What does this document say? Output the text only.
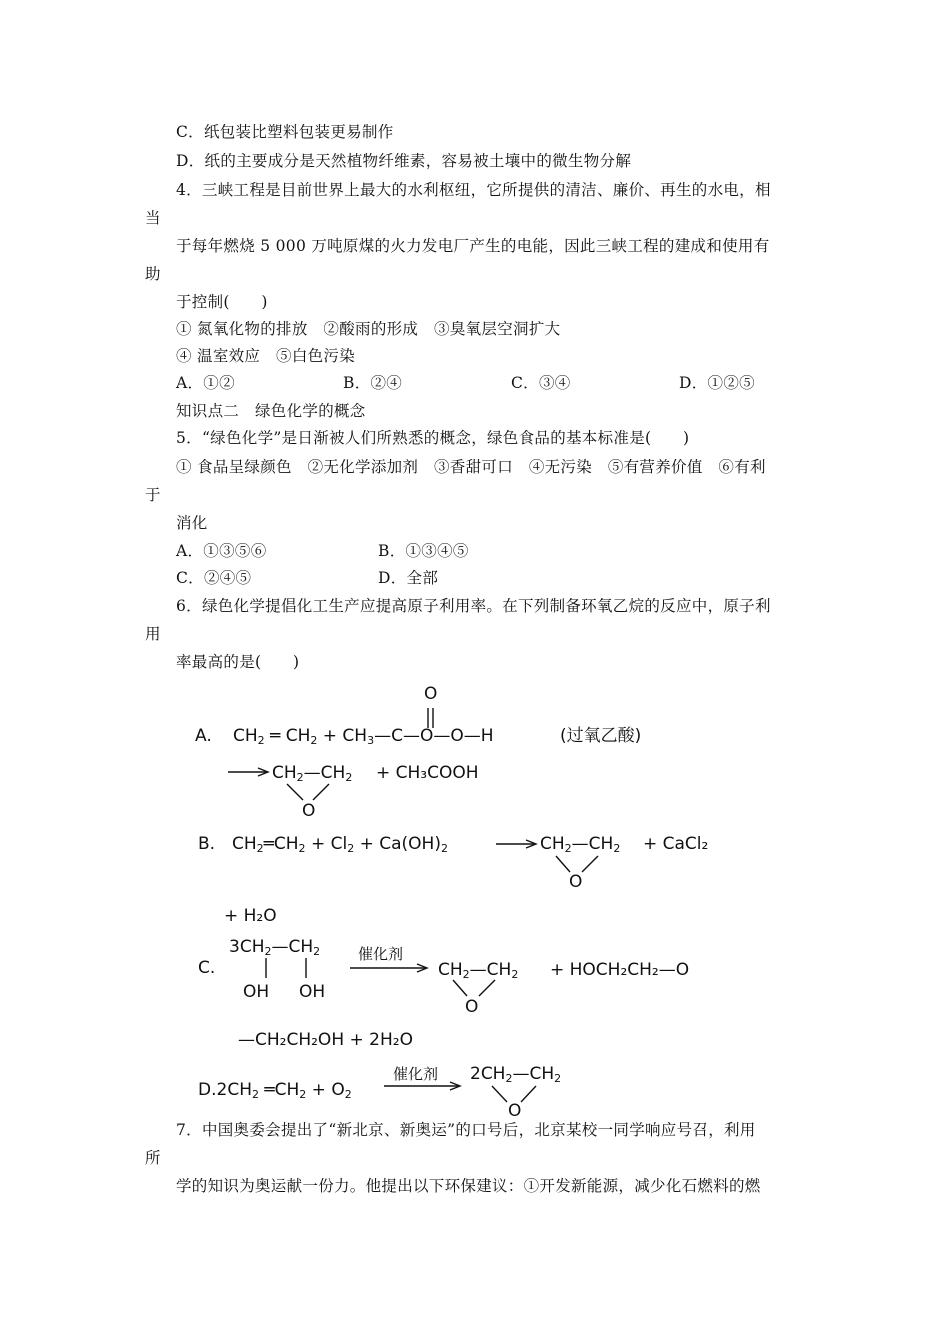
C．纸包装比塑料包装更易制作
D．纸的主要成分是天然植物纤维素，容易被土壤中的微生物分解
4．三峡工程是目前世界上最大的水利枢纽，它所提供的清洁、廉价、再生的水电，相
当
于每年燃烧 5 000 万吨原煤的火力发电厂产生的电能，因此三峡工程的建成和使用有
助
于控制(　　)
① 氮氧化物的排放　②酸雨的形成　③臭氧层空洞扩大
④ 温室效应　⑤白色污染
A．①②	B．②④	C．③④	D．①②⑤
知识点二　绿色化学的概念
5．“绿色化学”是日渐被人们所熟悉的概念，绿色食品的基本标准是(　　)
① 食品呈绿颜色　②无化学添加剂　③香甜可口　④无污染　⑤有营养价值　⑥有利
于
消化
A．①③⑤⑥	B．①③④⑤
C．②④⑤	D．全部
6．绿色化学提倡化工生产应提高原子利用率。在下列制备环氧乙烷的反应中，原子利
用
率最高的是(　　)
A.
O
$CH_2$ ═ $CH_2$ + $CH_3—C—O—O—H$	(过氧乙酸)
$CH_2—CH_2$
O
+ CH₃COOH
B. $CH_2═CH_2 + Cl_2 + Ca(OH)_2$	$CH_2—CH_2$
O
+ CaCl₂
+ H₂O
C.
$3CH_2—CH_2$
OH OH
催化剂
$CH_2—CH_2$
O
+ HOCH₂CH₂—O
—CH₂CH₂OH + 2H₂O
$D.2CH_2$ $═CH_2 + O_2$
催化剂 $2CH_2—CH_2$
O
7．中国奥委会提出了“新北京、新奥运”的口号后，北京某校一同学响应号召，利用
所
学的知识为奥运献一份力。他提出以下环保建议：①开发新能源，减少化石燃料的燃
